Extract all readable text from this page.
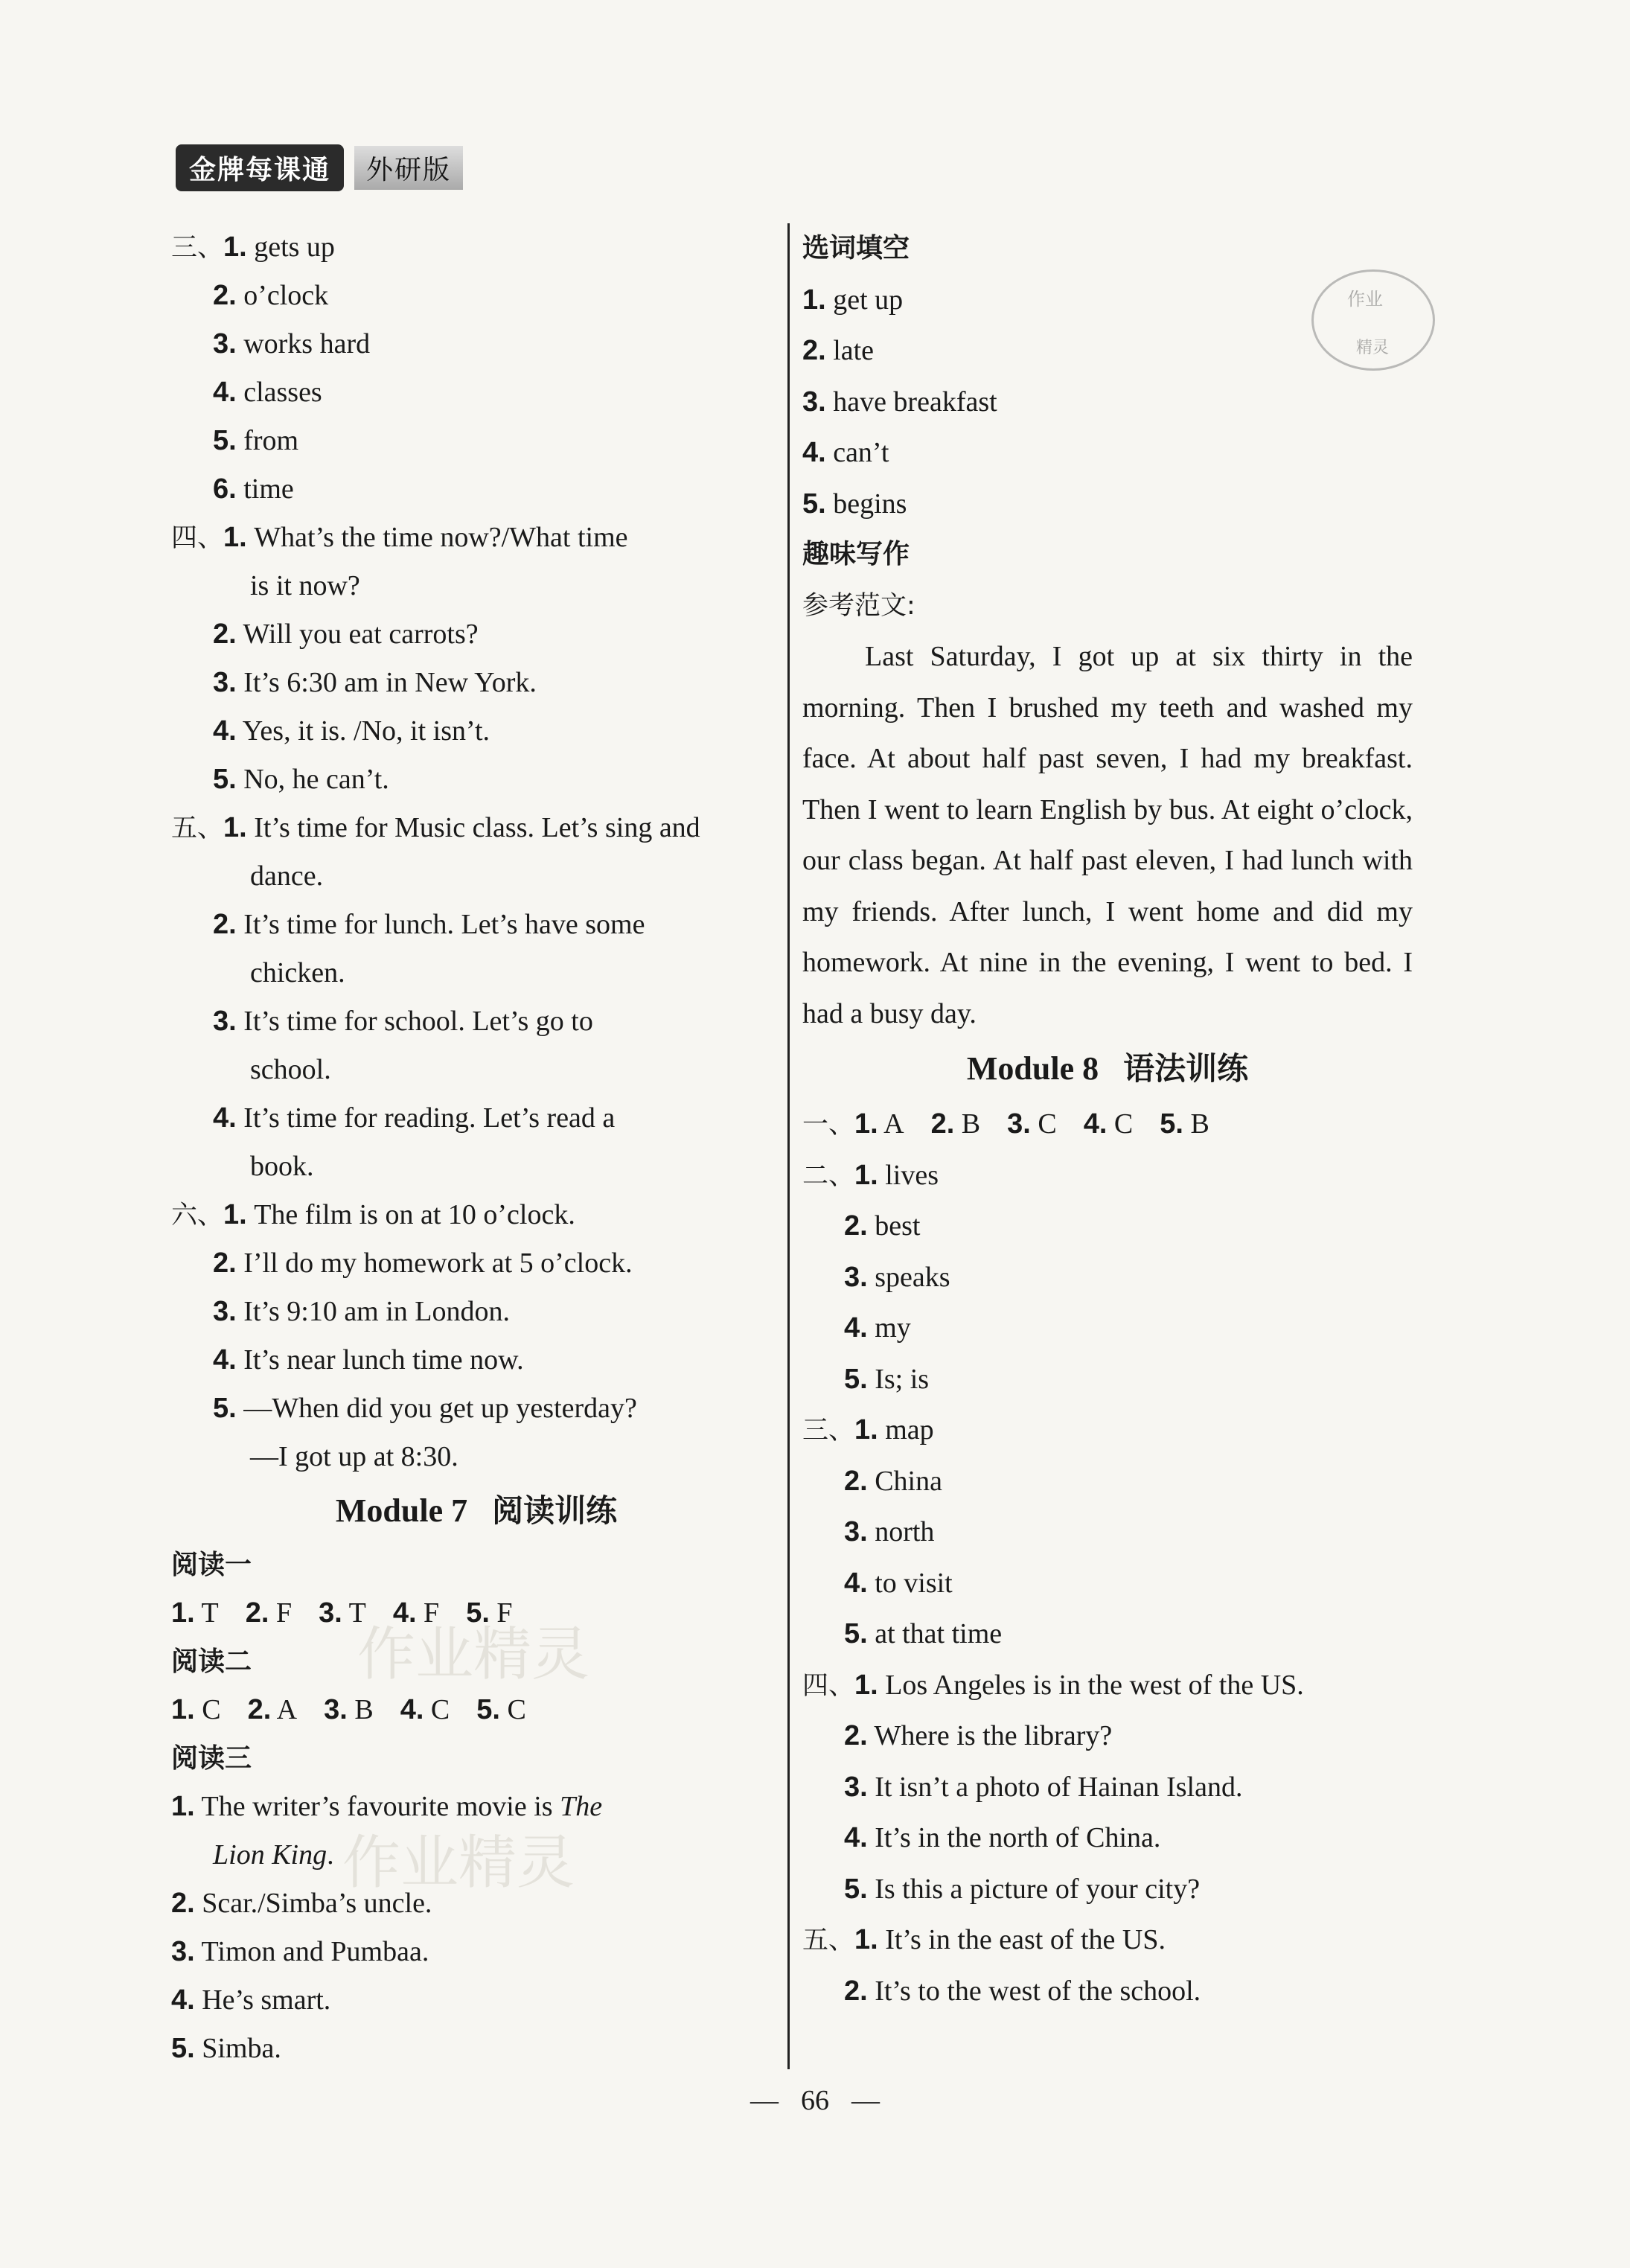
金牌每课通	外研版
作业
精灵
三、1. gets up
2. o’clock
3. works hard
4. classes
5. from
6. time
四、1. What’s the time now?/What time
is it now?
2. Will you eat carrots?
3. It’s 6:30 am in New York.
4. Yes, it is. /No, it isn’t.
5. No, he can’t.
五、1. It’s time for Music class. Let’s sing and
dance.
2. It’s time for lunch. Let’s have some
chicken.
3. It’s time for school. Let’s go to
school.
4. It’s time for reading. Let’s read a
book.
六、1. The film is on at 10 o’clock.
2. I’ll do my homework at 5 o’clock.
3. It’s 9:10 am in London.
4. It’s near lunch time now.
5. —When did you get up yesterday?
—I got up at 8:30.
Module 7 阅读训练
阅读一
1. T 2. F 3. T 4. F 5. F
阅读二
1. C 2. A 3. B 4. C 5. C
阅读三
1. The writer’s favourite movie is The
Lion King.
2. Scar./Simba’s uncle.
3. Timon and Pumbaa.
4. He’s smart.
5. Simba.
选词填空
1. get up
2. late
3. have breakfast
4. can’t
5. begins
趣味写作
参考范文:
Last Saturday, I got up at six thirty in the morning. Then I brushed my teeth and washed my face. At about half past seven, I had my breakfast. Then I went to learn English by bus. At eight o’clock, our class began. At half past eleven, I had lunch with my friends. After lunch, I went home and did my homework. At nine in the evening, I went to bed. I had a busy day.
Module 8 语法训练
一、1. A 2. B 3. C 4. C 5. B
二、1. lives
2. best
3. speaks
4. my
5. Is; is
三、1. map
2. China
3. north
4. to visit
5. at that time
四、1. Los Angeles is in the west of the US.
2. Where is the library?
3. It isn’t a photo of Hainan Island.
4. It’s in the north of China.
5. Is this a picture of your city?
五、1. It’s in the east of the US.
2. It’s to the west of the school.
作业精灵
作业精灵
— 66 —
